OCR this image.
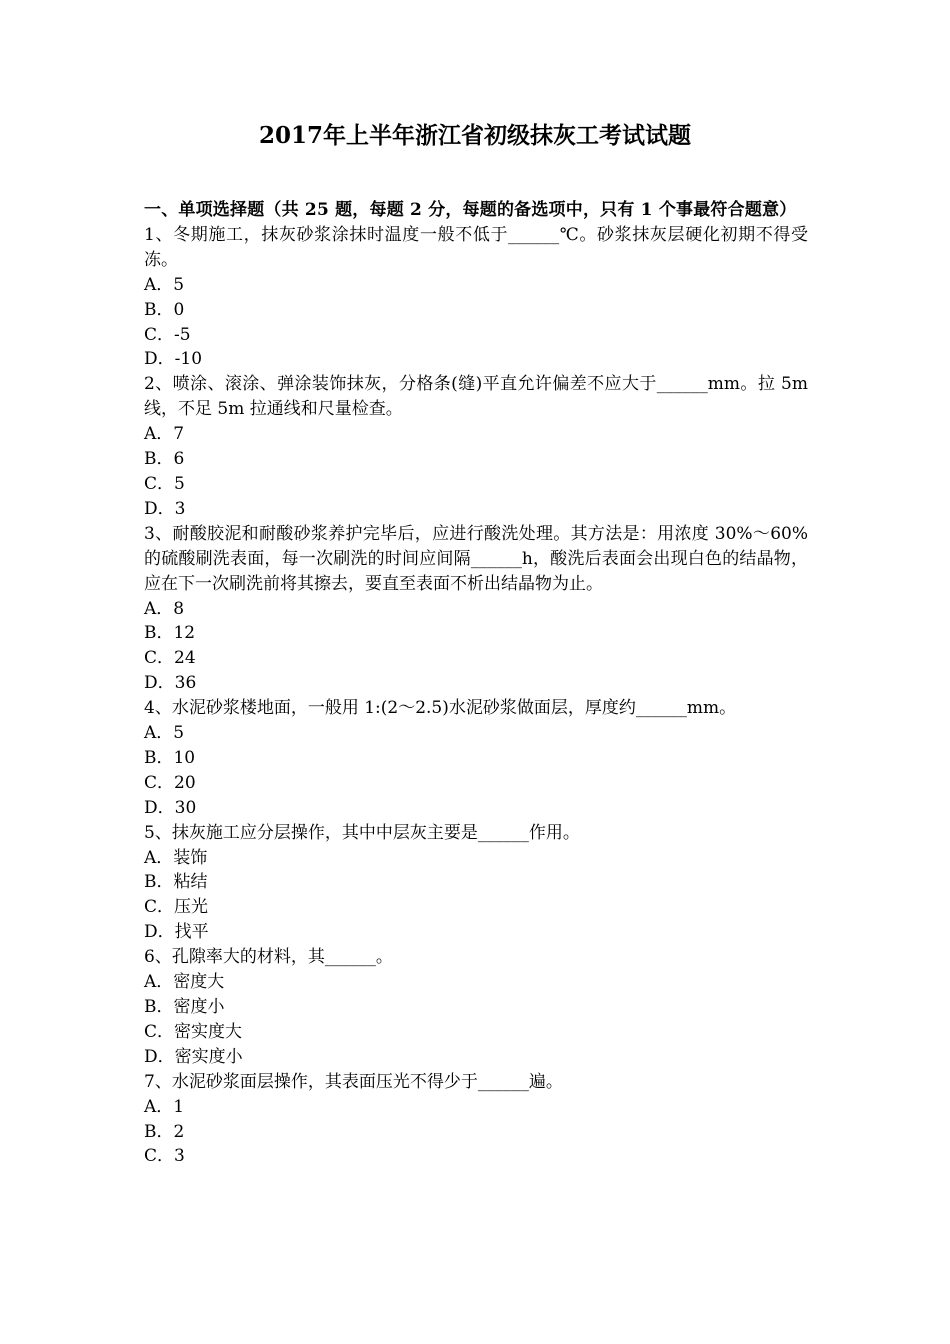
2017年上半年浙江省初级抹灰工考试试题

一、单项选择题（共 25 题，每题 2 分，每题的备选项中，只有 1 个事最符合题意）

1、冬期施工，抹灰砂浆涂抹时温度一般不低于______℃。砂浆抹灰层硬化初期不得受冻。

A．5

B．0

C．-5

D．-10

2、喷涂、滚涂、弹涂装饰抹灰，分格条(缝)平直允许偏差不应大于______mm。拉 5m 线，不足 5m 拉通线和尺量检查。

A．7

B．6

C．5

D．3

3、耐酸胶泥和耐酸砂浆养护完毕后，应进行酸洗处理。其方法是：用浓度 30%～60%的硫酸刷洗表面，每一次刷洗的时间应间隔______h，酸洗后表面会出现白色的结晶物，应在下一次刷洗前将其擦去，要直至表面不析出结晶物为止。

A．8

B．12

C．24

D．36

4、水泥砂浆楼地面，一般用 1:(2～2.5)水泥砂浆做面层，厚度约______mm。

A．5

B．10

C．20

D．30

5、抹灰施工应分层操作，其中中层灰主要是______作用。

A．装饰

B．粘结

C．压光

D．找平

6、孔隙率大的材料，其______。

A．密度大

B．密度小

C．密实度大

D．密实度小

7、水泥砂浆面层操作，其表面压光不得少于______遍。

A．1

B．2

C．3
